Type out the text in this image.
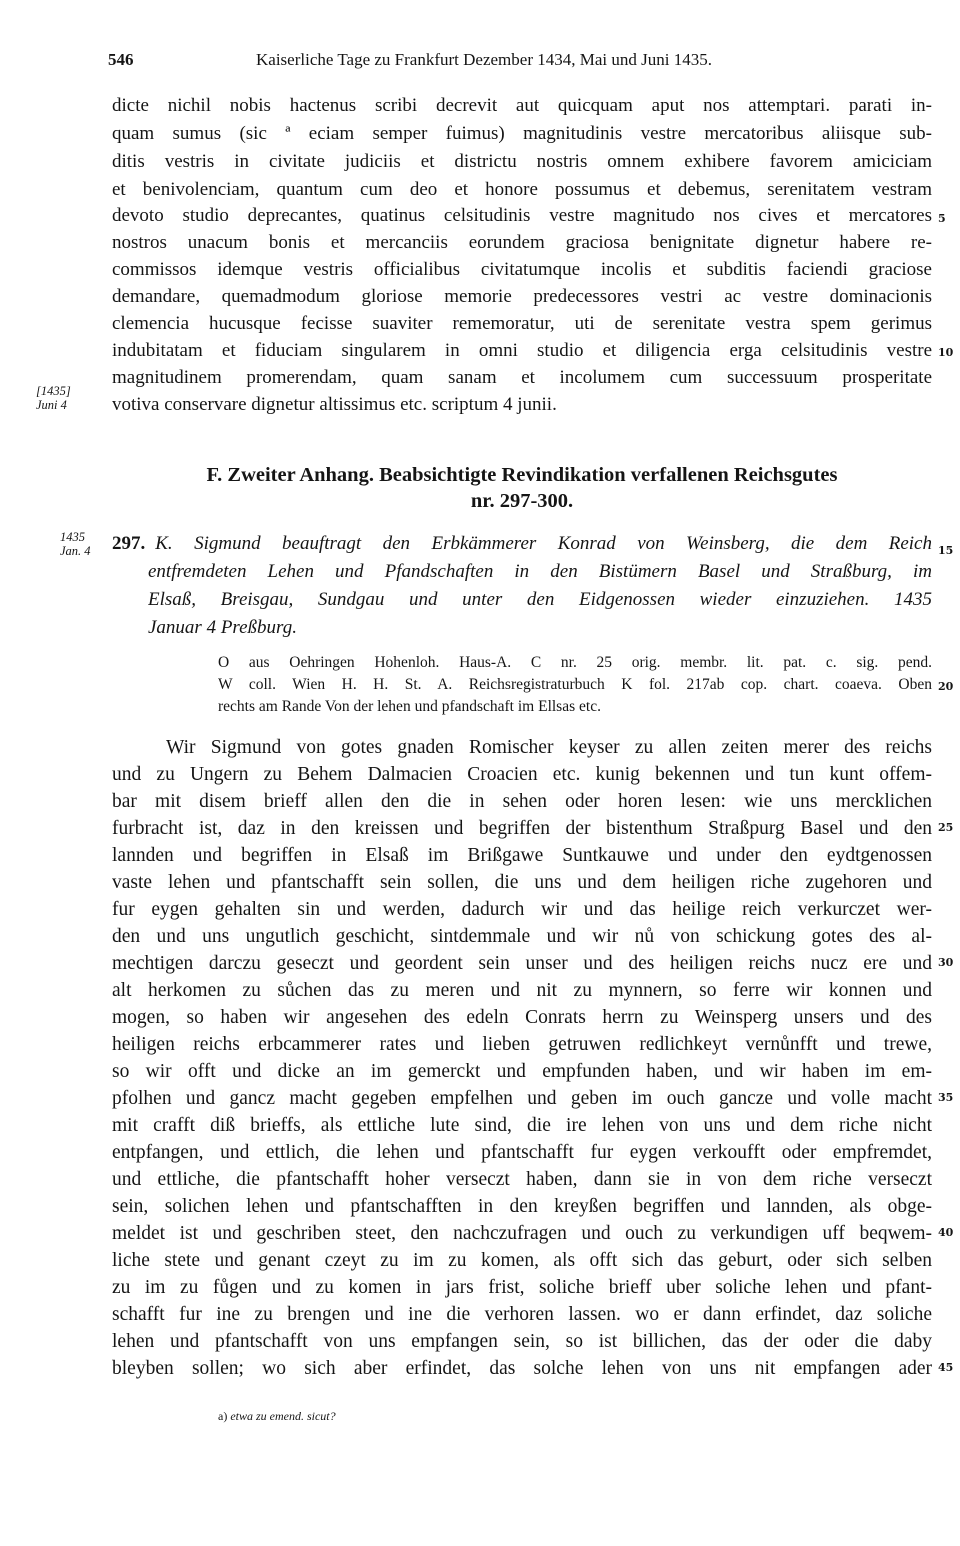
546	Kaiserliche Tage zu Frankfurt Dezember 1434, Mai und Juni 1435.
dicte nichil nobis hactenus scribi decrevit aut quicquam aput nos attemptari. parati in-
quam sumus (sic ª eciam semper fuimus) magnitudinis vestre mercatoribus aliisque sub-
ditis vestris in civitate judiciis et districtu nostris omnem exhibere favorem amiciciam
et benivolenciam, quantum cum deo et honore possumus et debemus, serenitatem vestram
devoto studio deprecantes, quatinus celsitudinis vestre magnitudo nos cives et mercatores
nostros unacum bonis et mercanciis eorundem graciosa benignitate dignetur habere re-
commissos idemque vestris officialibus civitatumque incolis et subditis faciendi graciose
demandare, quemadmodum gloriose memorie predecessores vestri ac vestre dominacionis
clemencia hucusque fecisse suaviter rememoratur, uti de serenitate vestra spem gerimus
indubitatam et fiduciam singularem in omni studio et diligencia erga celsitudinis vestre
magnitudinem promerendam, quam sanam et incolumem cum successuum prosperitate
votiva conservare dignetur altissimus etc. scriptum 4 junii.
5
10
[1435]
Juni 4
F. Zweiter Anhang. Beabsichtigte Revindikation verfallenen Reichsgutes
nr. 297-300.
1435
Jan. 4 297. K. Sigmund beauftragt den Erbkämmerer Konrad von Weinsberg, die dem Reich
entfremdeten Lehen und Pfandschaften in den Bistümern Basel und Straßburg, im
Elsaß, Breisgau, Sundgau und unter den Eidgenossen wieder einzuziehen. 1435
Januar 4 Preßburg.
15
O aus Oehringen Hohenloh. Haus-A. C nr. 25 orig. membr. lit. pat. c. sig. pend.
W coll. Wien H. H. St. A. Reichsregistraturbuch K fol. 217ab cop. chart. coaeva. Oben
rechts am Rande Von der lehen und pfandschaft im Ellsas etc.
20
Wir Sigmund von gotes gnaden Romischer keyser zu allen zeiten merer des reichs
und zu Ungern zu Behem Dalmacien Croacien etc. kunig bekennen und tun kunt offem-
bar mit disem brieff allen den die in sehen oder horen lesen: wie uns mercklichen
furbracht ist, daz in den kreissen und begriffen der bistenthum Straßpurg Basel und den
lannden und begriffen in Elsaß im Brißgawe Suntkauwe und under den eydtgenossen
vaste lehen und pfantschafft sein sollen, die uns und dem heiligen riche zugehoren und
fur eygen gehalten sin und werden, dadurch wir und das heilige reich verkurczet wer-
den und uns ungutlich geschicht, sintdemmale und wir nů von schickung gotes des al-
mechtigen darczu geseczt und geordent sein unser und des heiligen reichs nucz ere und
alt herkomen zu sůchen das zu meren und nit zu mynnern, so ferre wir konnen und
mogen, so haben wir angesehen des edeln Conrats herrn zu Weinsperg unsers und des
heiligen reichs erbcammerer rates und lieben getruwen redlichkeyt vernůnfft und trewe,
so wir offt und dicke an im gemerckt und empfunden haben, und wir haben im em-
pfolhen und gancz macht gegeben empfelhen und geben im ouch gancze und volle macht
mit crafft diß brieffs, als ettliche lute sind, die ire lehen von uns und dem riche nicht
entpfangen, und ettlich, die lehen und pfantschafft fur eygen verkoufft oder empfremdet,
und ettliche, die pfantschafft hoher verseczt haben, dann sie in von dem riche verseczt
sein, solichen lehen und pfantschafften in den kreyßen begriffen und lannden, als obge-
meldet ist und geschriben steet, den nachczufragen und ouch zu verkundigen uff beqwem-
liche stete und genant czeyt zu im zu komen, als offt sich das geburt, oder sich selben
zu im zu fůgen und zu komen in jars frist, soliche brieff uber soliche lehen und pfant-
schafft fur ine zu brengen und ine die verhoren lassen. wo er dann erfindet, daz soliche
lehen und pfantschafft von uns empfangen sein, so ist billichen, das der oder die daby
bleyben sollen; wo sich aber erfindet, das solche lehen von uns nit empfangen ader
25
30
35
40
45
a) etwa zu emend. sicut?
